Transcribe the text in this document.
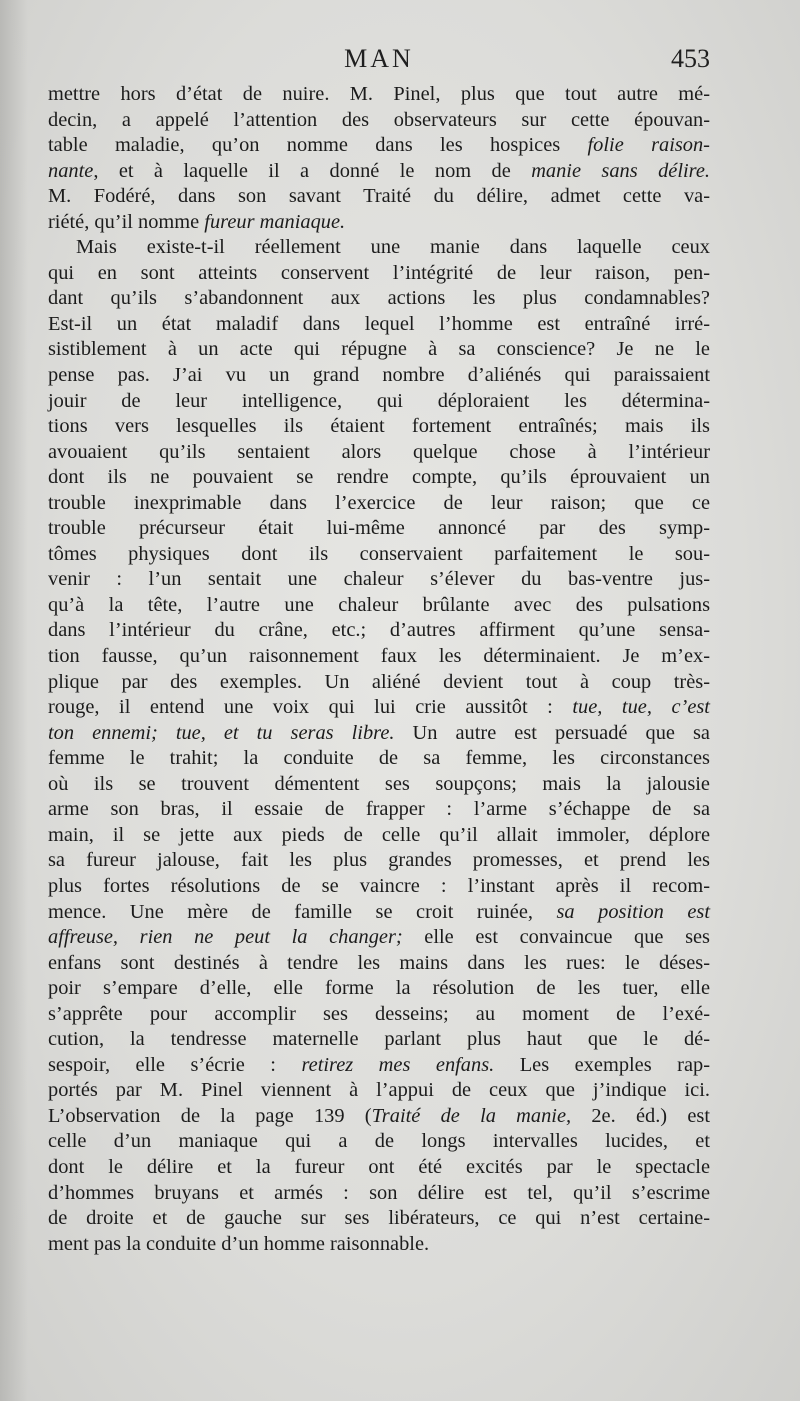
MAN	453
mettre hors d’état de nuire. M. Pinel, plus que tout autre mé-
decin, a appelé l’attention des observateurs sur cette épouvan-
table maladie, qu’on nomme dans les hospices folie raison-
nante, et à laquelle il a donné le nom de manie sans délire.
M. Fodéré, dans son savant Traité du délire, admet cette va-
riété, qu’il nomme fureur maniaque.
Mais existe-t-il réellement une manie dans laquelle ceux
qui en sont atteints conservent l’intégrité de leur raison, pen-
dant qu’ils s’abandonnent aux actions les plus condamnables?
Est-il un état maladif dans lequel l’homme est entraîné irré-
sistiblement à un acte qui répugne à sa conscience? Je ne le
pense pas. J’ai vu un grand nombre d’aliénés qui paraissaient
jouir de leur intelligence, qui déploraient les détermina-
tions vers lesquelles ils étaient fortement entraînés; mais ils
avouaient qu’ils sentaient alors quelque chose à l’intérieur
dont ils ne pouvaient se rendre compte, qu’ils éprouvaient un
trouble inexprimable dans l’exercice de leur raison; que ce
trouble précurseur était lui-même annoncé par des symp-
tômes physiques dont ils conservaient parfaitement le sou-
venir : l’un sentait une chaleur s’élever du bas-ventre jus-
qu’à la tête, l’autre une chaleur brûlante avec des pulsations
dans l’intérieur du crâne, etc.; d’autres affirment qu’une sensa-
tion fausse, qu’un raisonnement faux les déterminaient. Je m’ex-
plique par des exemples. Un aliéné devient tout à coup très-
rouge, il entend une voix qui lui crie aussitôt : tue, tue, c’est
ton ennemi; tue, et tu seras libre. Un autre est persuadé que sa
femme le trahit; la conduite de sa femme, les circonstances
où ils se trouvent démentent ses soupçons; mais la jalousie
arme son bras, il essaie de frapper : l’arme s’échappe de sa
main, il se jette aux pieds de celle qu’il allait immoler, déplore
sa fureur jalouse, fait les plus grandes promesses, et prend les
plus fortes résolutions de se vaincre : l’instant après il recom-
mence. Une mère de famille se croit ruinée, sa position est
affreuse, rien ne peut la changer; elle est convaincue que ses
enfans sont destinés à tendre les mains dans les rues: le déses-
poir s’empare d’elle, elle forme la résolution de les tuer, elle
s’apprête pour accomplir ses desseins; au moment de l’exé-
cution, la tendresse maternelle parlant plus haut que le dé-
sespoir, elle s’écrie : retirez mes enfans. Les exemples rap-
portés par M. Pinel viennent à l’appui de ceux que j’indique ici.
L’observation de la page 139 (Traité de la manie, 2e. éd.) est
celle d’un maniaque qui a de longs intervalles lucides, et
dont le délire et la fureur ont été excités par le spectacle
d’hommes bruyans et armés : son délire est tel, qu’il s’escrime
de droite et de gauche sur ses libérateurs, ce qui n’est certaine-
ment pas la conduite d’un homme raisonnable.
